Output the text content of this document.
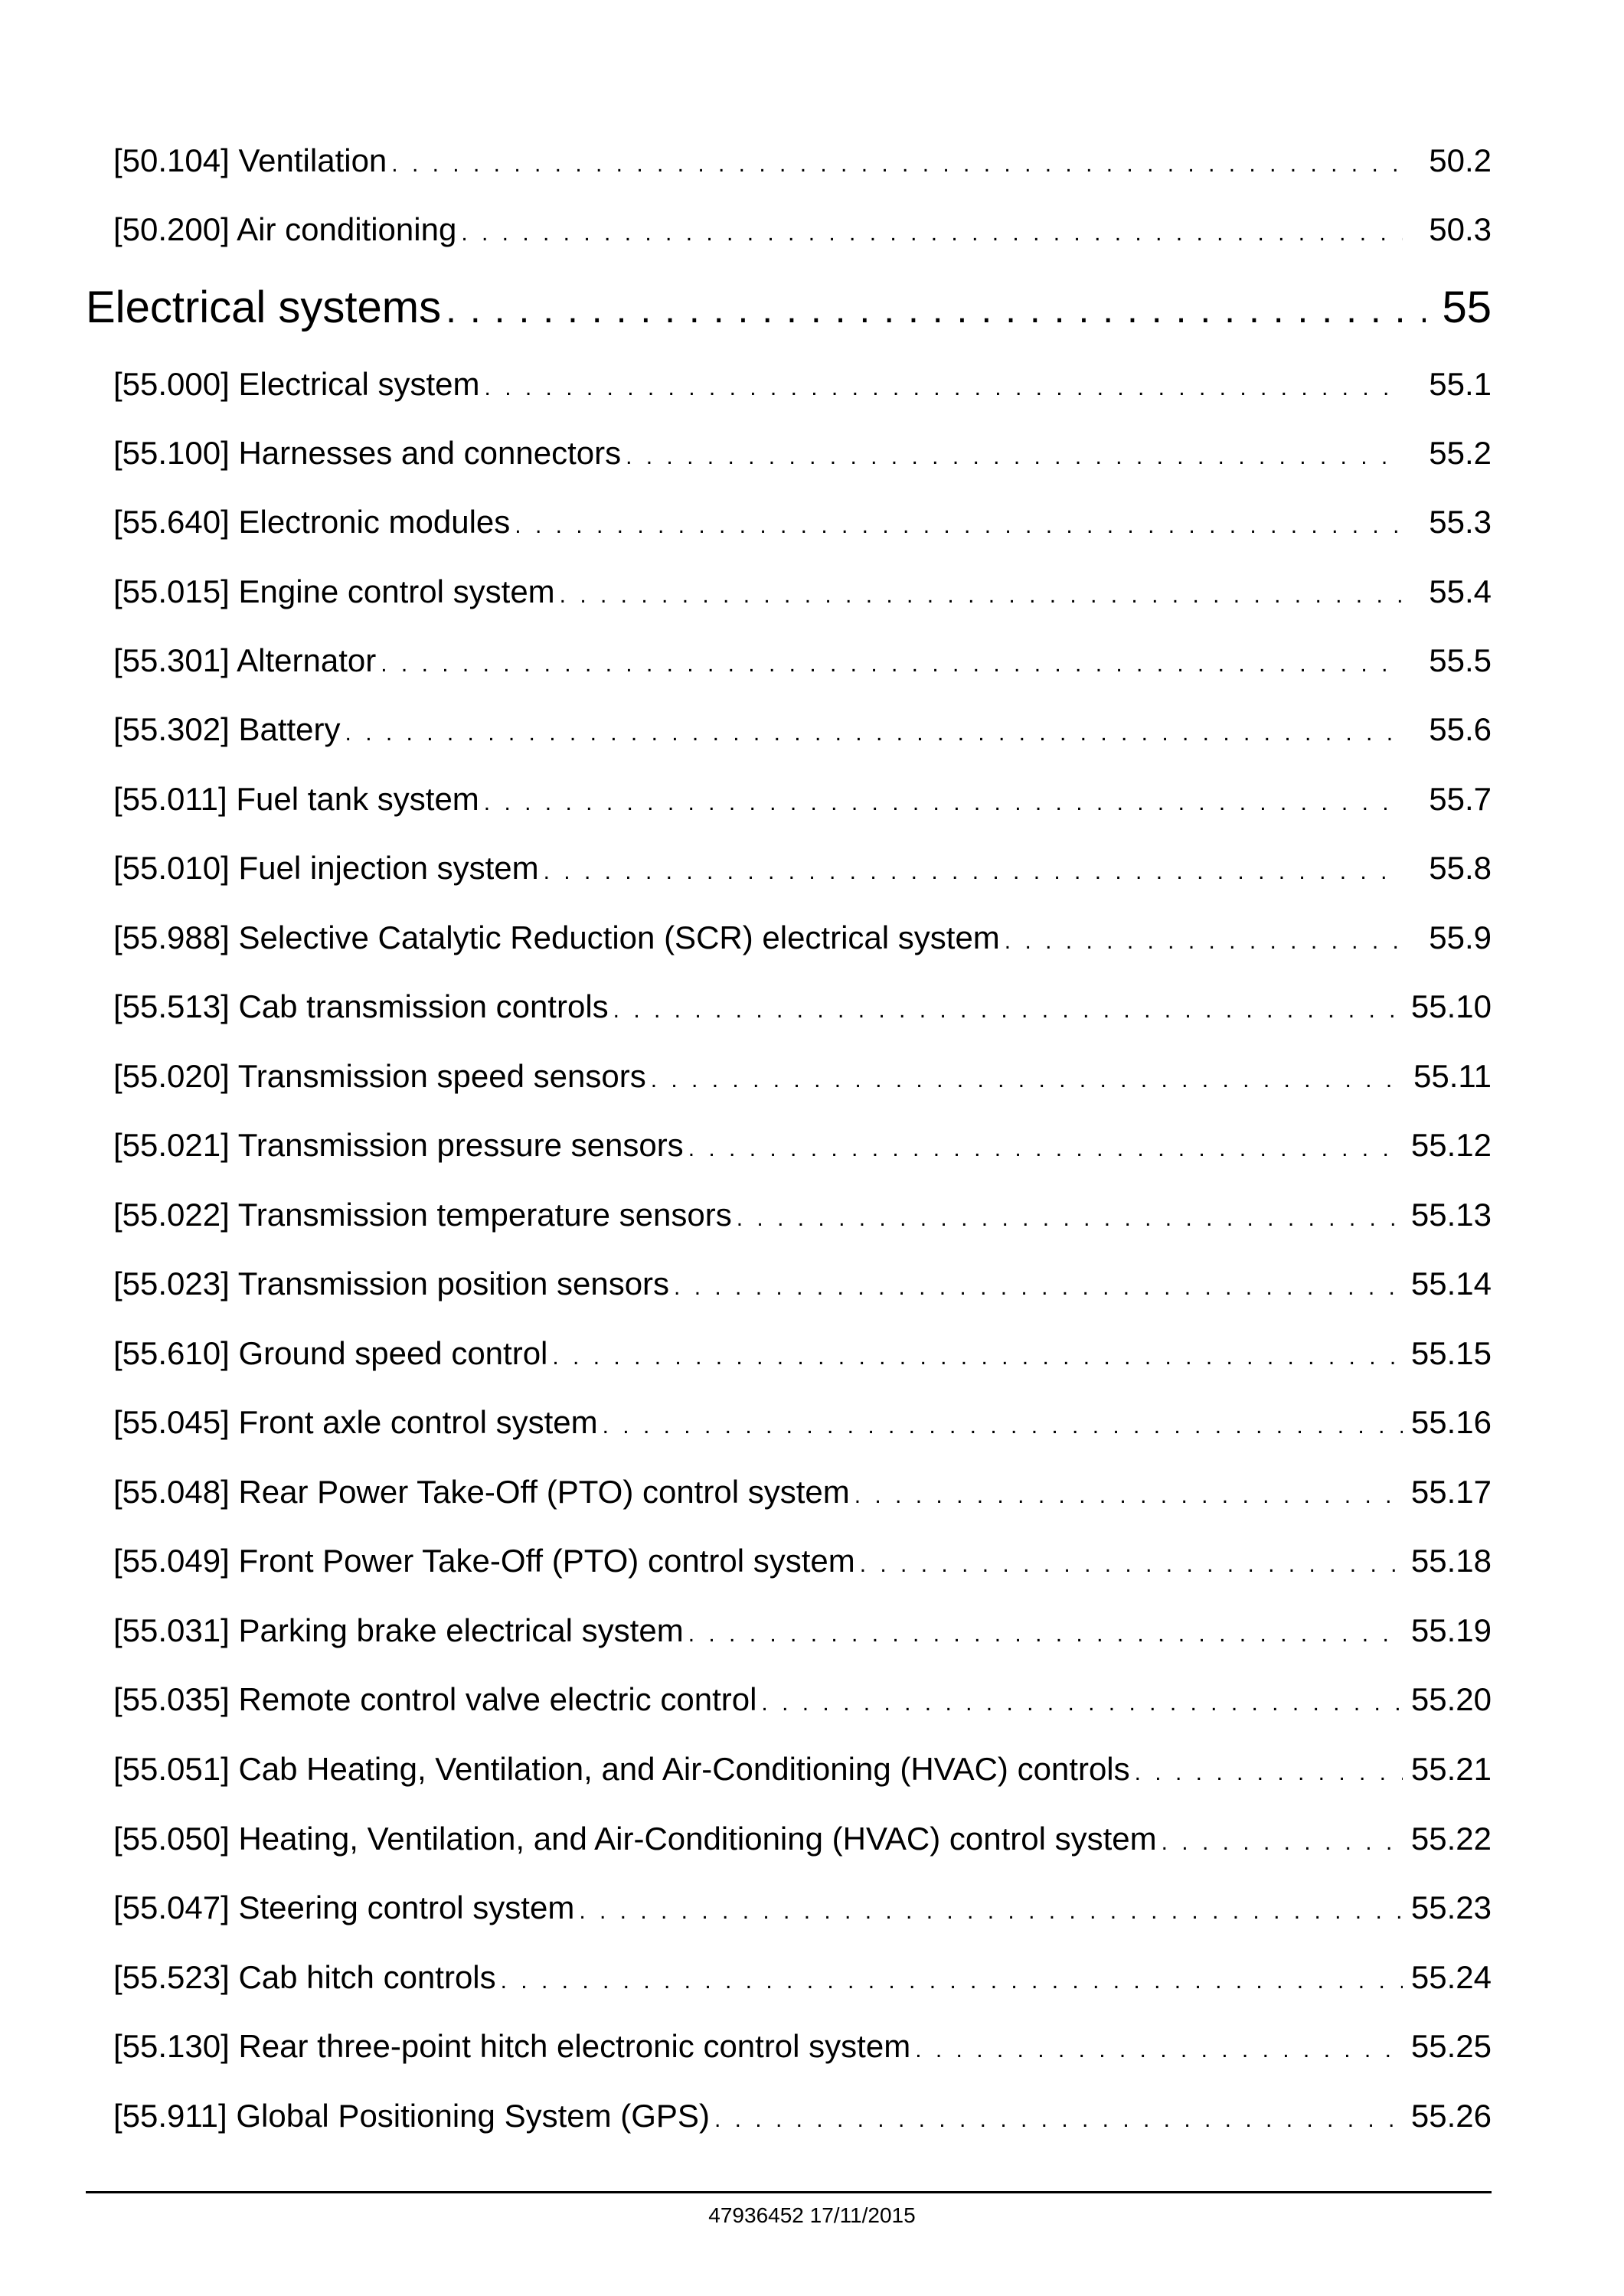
[50.104] Ventilation . . .	50.2
[50.200] Air conditioning . . .	50.3
Electrical systems . . .	55
[55.000] Electrical system . . .	55.1
[55.100] Harnesses and connectors . . .	55.2
[55.640] Electronic modules . . .	55.3
[55.015] Engine control system . . .	55.4
[55.301] Alternator . . .	55.5
[55.302] Battery . . .	55.6
[55.011] Fuel tank system . . .	55.7
[55.010] Fuel injection system . . .	55.8
[55.988] Selective Catalytic Reduction (SCR) electrical system . . .	55.9
[55.513] Cab transmission controls . . .	55.10
[55.020] Transmission speed sensors . . .	55.11
[55.021] Transmission pressure sensors . . .	55.12
[55.022] Transmission temperature sensors . . .	55.13
[55.023] Transmission position sensors . . .	55.14
[55.610] Ground speed control . . .	55.15
[55.045] Front axle control system . . .	55.16
[55.048] Rear Power Take-Off (PTO) control system . . .	55.17
[55.049] Front Power Take-Off (PTO) control system . . .	55.18
[55.031] Parking brake electrical system . . .	55.19
[55.035] Remote control valve electric control . . .	55.20
[55.051] Cab Heating, Ventilation, and Air-Conditioning (HVAC) controls . . .	55.21
[55.050] Heating, Ventilation, and Air-Conditioning (HVAC) control system . . .	55.22
[55.047] Steering control system . . .	55.23
[55.523] Cab hitch controls . . .	55.24
[55.130] Rear three-point hitch electronic control system . . .	55.25
[55.911] Global Positioning System (GPS) . . .	55.26
47936452 17/11/2015
